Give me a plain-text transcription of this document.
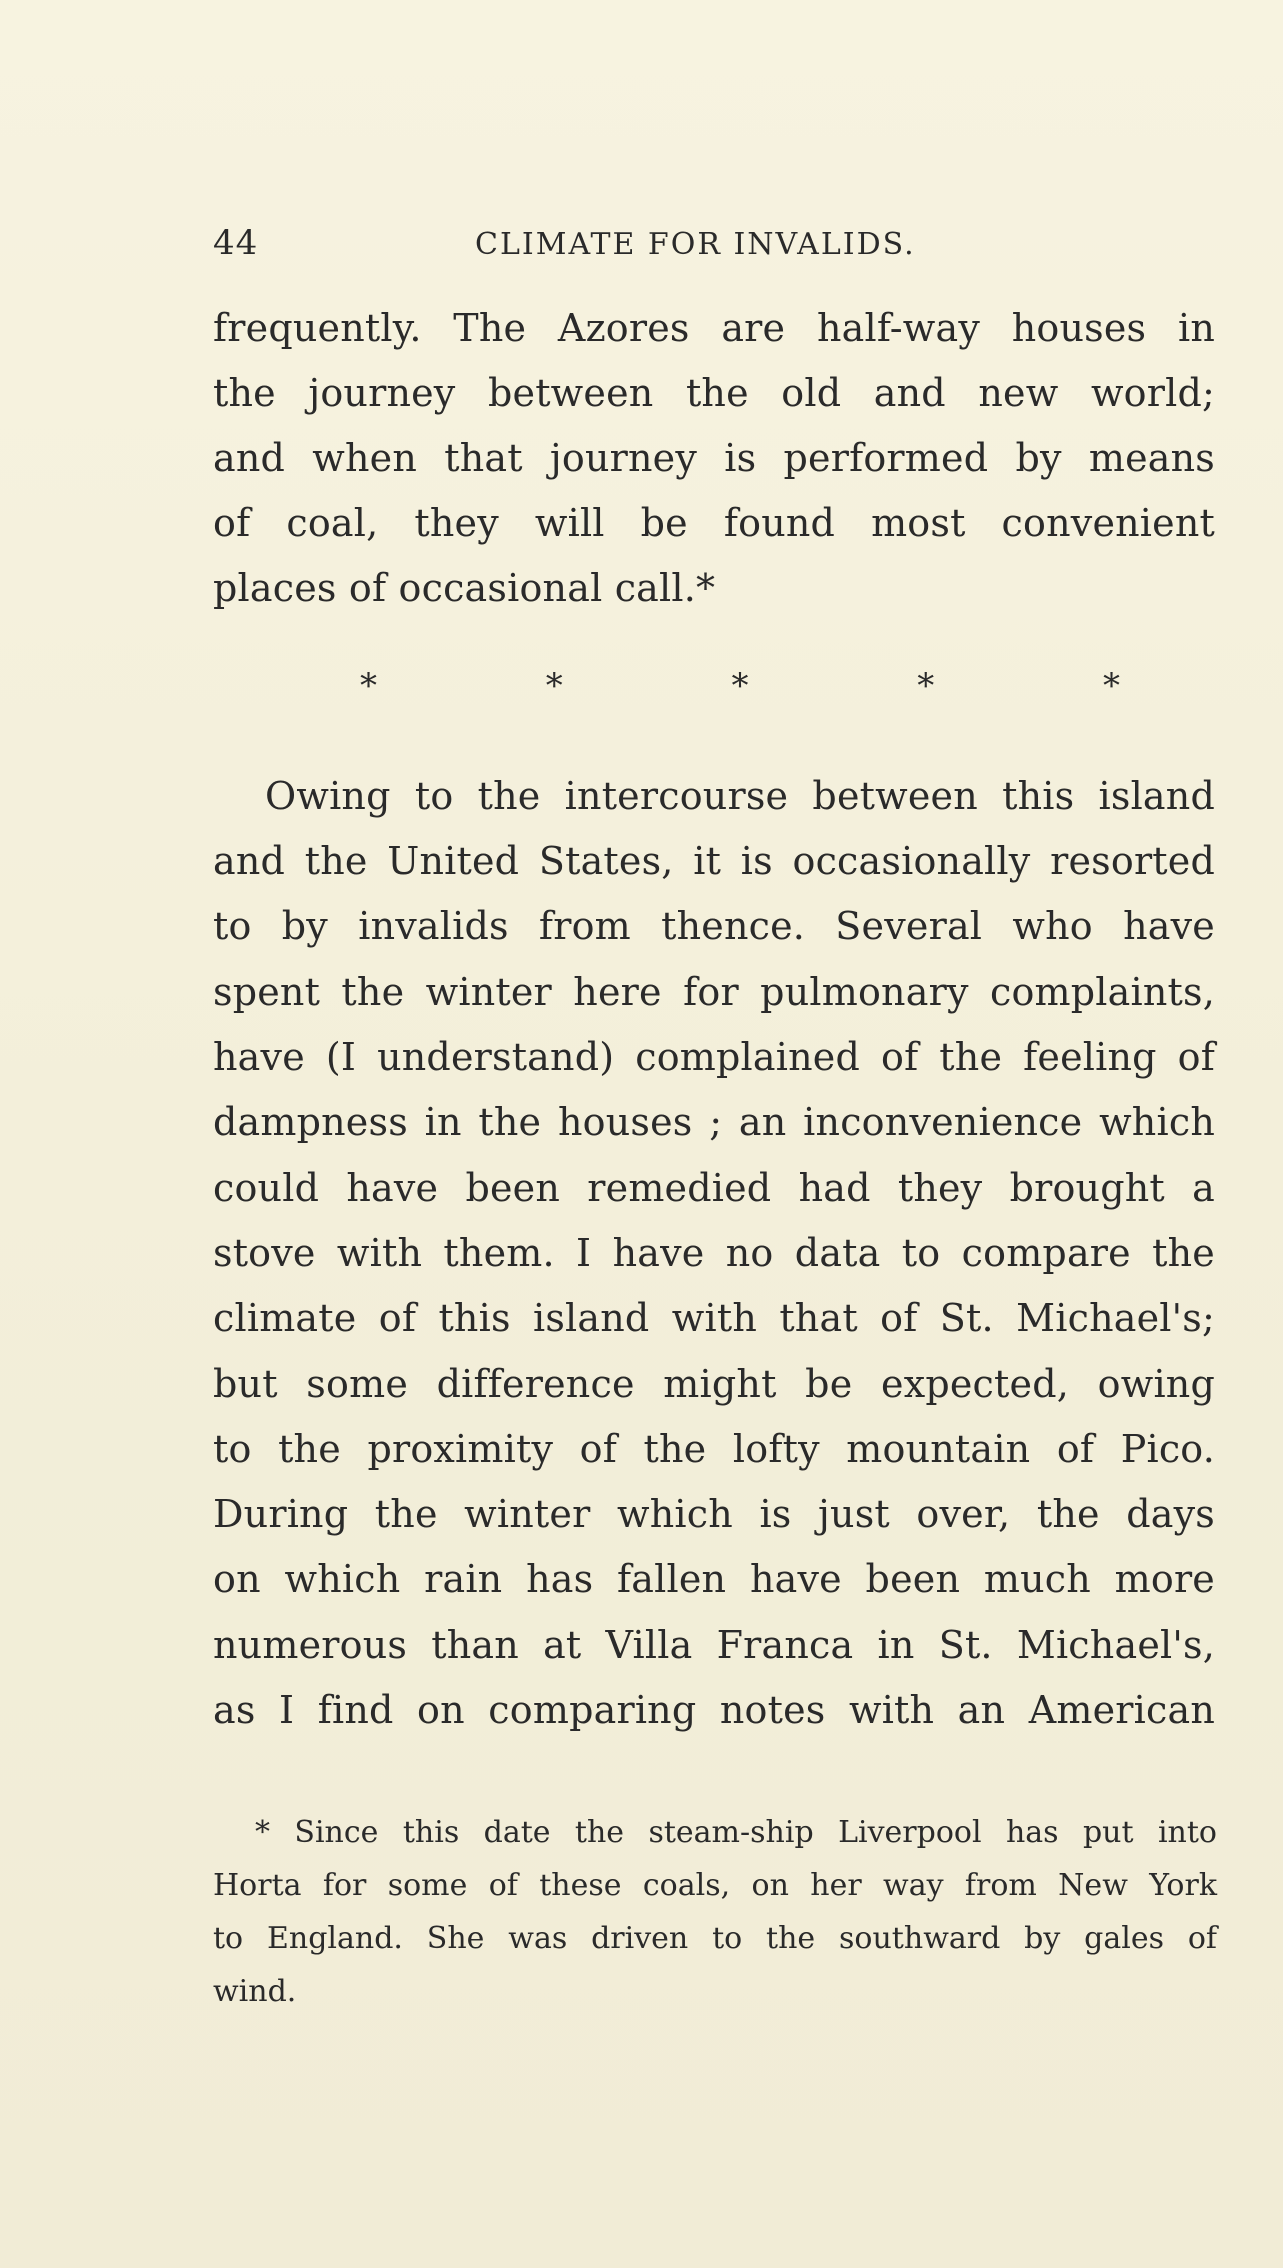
44	CLIMATE FOR INVALIDS.

frequently. The Azores are half-way houses in

the journey between the old and new world;

and when that journey is performed by means

of coal, they will be found most convenient

places of occasional call.*

*	*	*	*	*

Owing to the intercourse between this island

and the United States, it is occasionally resorted

to by invalids from thence. Several who have

spent the winter here for pulmonary complaints,

have (I understand) complained of the feeling of

dampness in the houses ; an inconvenience which

could have been remedied had they brought a

stove with them. I have no data to compare the

climate of this island with that of St. Michael's;

but some difference might be expected, owing

to the proximity of the lofty mountain of Pico.

During the winter which is just over, the days

on which rain has fallen have been much more

numerous than at Villa Franca in St. Michael's,

as I find on comparing notes with an American

* Since this date the steam-ship Liverpool has put into

Horta for some of these coals, on her way from New York

to England. She was driven to the southward by gales of

wind.
